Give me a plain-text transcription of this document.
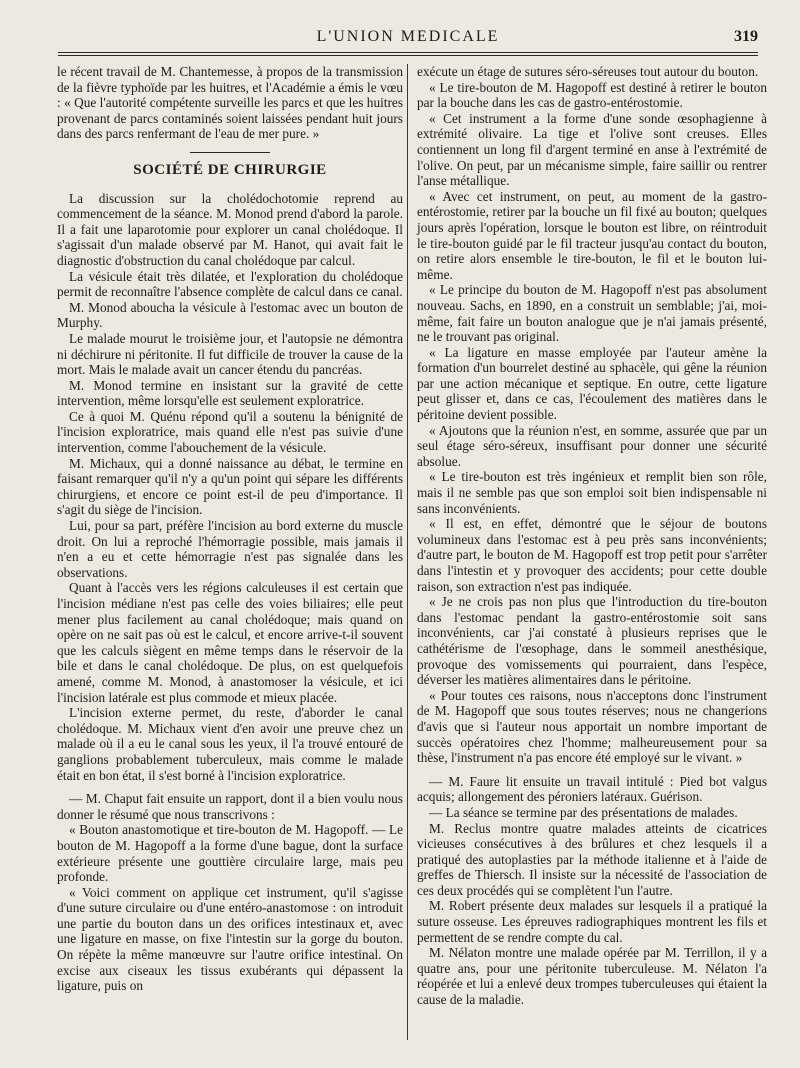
L'UNION MEDICALE	319

le récent travail de M. Chantemesse, à propos de la transmission de la fièvre typhoïde par les huitres, et l'Académie a émis le vœu : « Que l'autorité compétente surveille les parcs et que les huitres provenant de parcs contaminés soient laissées pendant huit jours dans des parcs renfermant de l'eau de mer pure. »

SOCIÉTÉ DE CHIRURGIE

La discussion sur la cholédochotomie reprend au commencement de la séance. M. Monod prend d'abord la parole. Il a fait une laparotomie pour explorer un canal cholédoque. Il s'agissait d'un malade observé par M. Hanot, qui avait fait le diagnostic d'obstruction du canal cholédoque par calcul.

La vésicule était très dilatée, et l'exploration du cholédoque permit de reconnaître l'absence complète de calcul dans ce canal.

M. Monod aboucha la vésicule à l'estomac avec un bouton de Murphy.

Le malade mourut le troisième jour, et l'autopsie ne démontra ni déchirure ni péritonite. Il fut difficile de trouver la cause de la mort. Mais le malade avait un cancer étendu du pancréas.

M. Monod termine en insistant sur la gravité de cette intervention, même lorsqu'elle est seulement exploratrice.

Ce à quoi M. Quénu répond qu'il a soutenu la bénignité de l'incision exploratrice, mais quand elle n'est pas suivie d'une intervention, comme l'abouchement de la vésicule.

M. Michaux, qui a donné naissance au débat, le termine en faisant remarquer qu'il n'y a qu'un point qui sépare les différents chirurgiens, et encore ce point est-il de peu d'importance. Il s'agit du siège de l'incision.

Lui, pour sa part, préfère l'incision au bord externe du muscle droit. On lui a reproché l'hémorragie possible, mais jamais il n'en a eu et cette hémorragie n'est pas signalée dans les observations.

Quant à l'accès vers les régions calculeuses il est certain que l'incision médiane n'est pas celle des voies biliaires; elle peut mener plus facilement au canal cholédoque; mais quand on opère on ne sait pas où est le calcul, et encore arrive-t-il souvent que les calculs siègent en même temps dans le réservoir de la bile et dans le canal cholédoque. De plus, on est quelquefois amené, comme M. Monod, à anastomoser la vésicule, et ici l'incision latérale est plus commode et mieux placée.

L'incision externe permet, du reste, d'aborder le canal cholédoque. M. Michaux vient d'en avoir une preuve chez un malade où il a eu le canal sous les yeux, il l'a trouvé entouré de ganglions probablement tuberculeux, mais comme le malade était en bon état, il s'est borné à l'incision exploratrice.

— M. Chaput fait ensuite un rapport, dont il a bien voulu nous donner le résumé que nous transcrivons :

« Bouton anastomotique et tire-bouton de M. Hagopoff. — Le bouton de M. Hagopoff a la forme d'une bague, dont la surface extérieure présente une gouttière circulaire large, mais peu profonde.

« Voici comment on applique cet instrument, qu'il s'agisse d'une suture circulaire ou d'une entéro-anastomose : on introduit une partie du bouton dans un des orifices intestinaux et, avec une ligature en masse, on fixe l'intestin sur la gorge du bouton. On répète la même manœuvre sur l'autre orifice intestinal. On excise aux ciseaux les tissus exubérants qui dépassent la ligature, puis on

exécute un étage de sutures séro-séreuses tout autour du bouton.

« Le tire-bouton de M. Hagopoff est destiné à retirer le bouton par la bouche dans les cas de gastro-entérostomie.

« Cet instrument a la forme d'une sonde œsophagienne à extrémité olivaire. La tige et l'olive sont creuses. Elles contiennent un long fil d'argent terminé en anse à l'extrémité de l'olive. On peut, par un mécanisme simple, faire saillir ou rentrer l'anse métallique.

« Avec cet instrument, on peut, au moment de la gastro-entérostomie, retirer par la bouche un fil fixé au bouton; quelques jours après l'opération, lorsque le bouton est libre, on réintroduit le tire-bouton guidé par le fil tracteur jusqu'au contact du bouton, on retire alors ensemble le tire-bouton, le fil et le bouton lui-même.

« Le principe du bouton de M. Hagopoff n'est pas absolument nouveau. Sachs, en 1890, en a construit un semblable; j'ai, moi-même, fait faire un bouton analogue que je n'ai jamais présenté, ne le trouvant pas original.

« La ligature en masse employée par l'auteur amène la formation d'un bourrelet destiné au sphacèle, qui gêne la réunion par une action mécanique et septique. En outre, cette ligature peut glisser et, dans ce cas, l'écoulement des matières dans le péritoine devient possible.

« Ajoutons que la réunion n'est, en somme, assurée que par un seul étage séro-séreux, insuffisant pour donner une sécurité absolue.

« Le tire-bouton est très ingénieux et remplit bien son rôle, mais il ne semble pas que son emploi soit bien indispensable ni sans inconvénients.

« Il est, en effet, démontré que le séjour de boutons volumineux dans l'estomac est à peu près sans inconvénients; d'autre part, le bouton de M. Hagopoff est trop petit pour s'arrêter dans l'intestin et y provoquer des accidents; pour cette double raison, son extraction n'est pas indiquée.

« Je ne crois pas non plus que l'introduction du tire-bouton dans l'estomac pendant la gastro-entérostomie soit sans inconvénients, car j'ai constaté à plusieurs reprises que le cathétérisme de l'œsophage, dans le sommeil anesthésique, provoque des vomissements qui pourraient, dans l'espèce, déverser les matières alimentaires dans le péritoine.

« Pour toutes ces raisons, nous n'acceptons donc l'instrument de M. Hagopoff que sous toutes réserves; nous ne changerions d'avis que si l'auteur nous apportait un nombre important de succès opératoires chez l'homme; malheureusement pour sa thèse, l'instrument n'a pas encore été employé sur le vivant. »

— M. Faure lit ensuite un travail intitulé : Pied bot valgus acquis; allongement des péroniers latéraux. Guérison.

— La séance se termine par des présentations de malades.

M. Reclus montre quatre malades atteints de cicatrices vicieuses consécutives à des brûlures et chez lesquels il a pratiqué des autoplasties par la méthode italienne et à l'aide de greffes de Thiersch. Il insiste sur la nécessité de l'association de ces deux procédés qui se complètent l'un l'autre.

M. Robert présente deux malades sur lesquels il a pratiqué la suture osseuse. Les épreuves radiographiques montrent les fils et permettent de se rendre compte du cal.

M. Nélaton montre une malade opérée par M. Terrillon, il y a quatre ans, pour une péritonite tuberculeuse. M. Nélaton l'a réopérée et lui a enlevé deux trompes tuberculeuses qui étaient la cause de la maladie.
